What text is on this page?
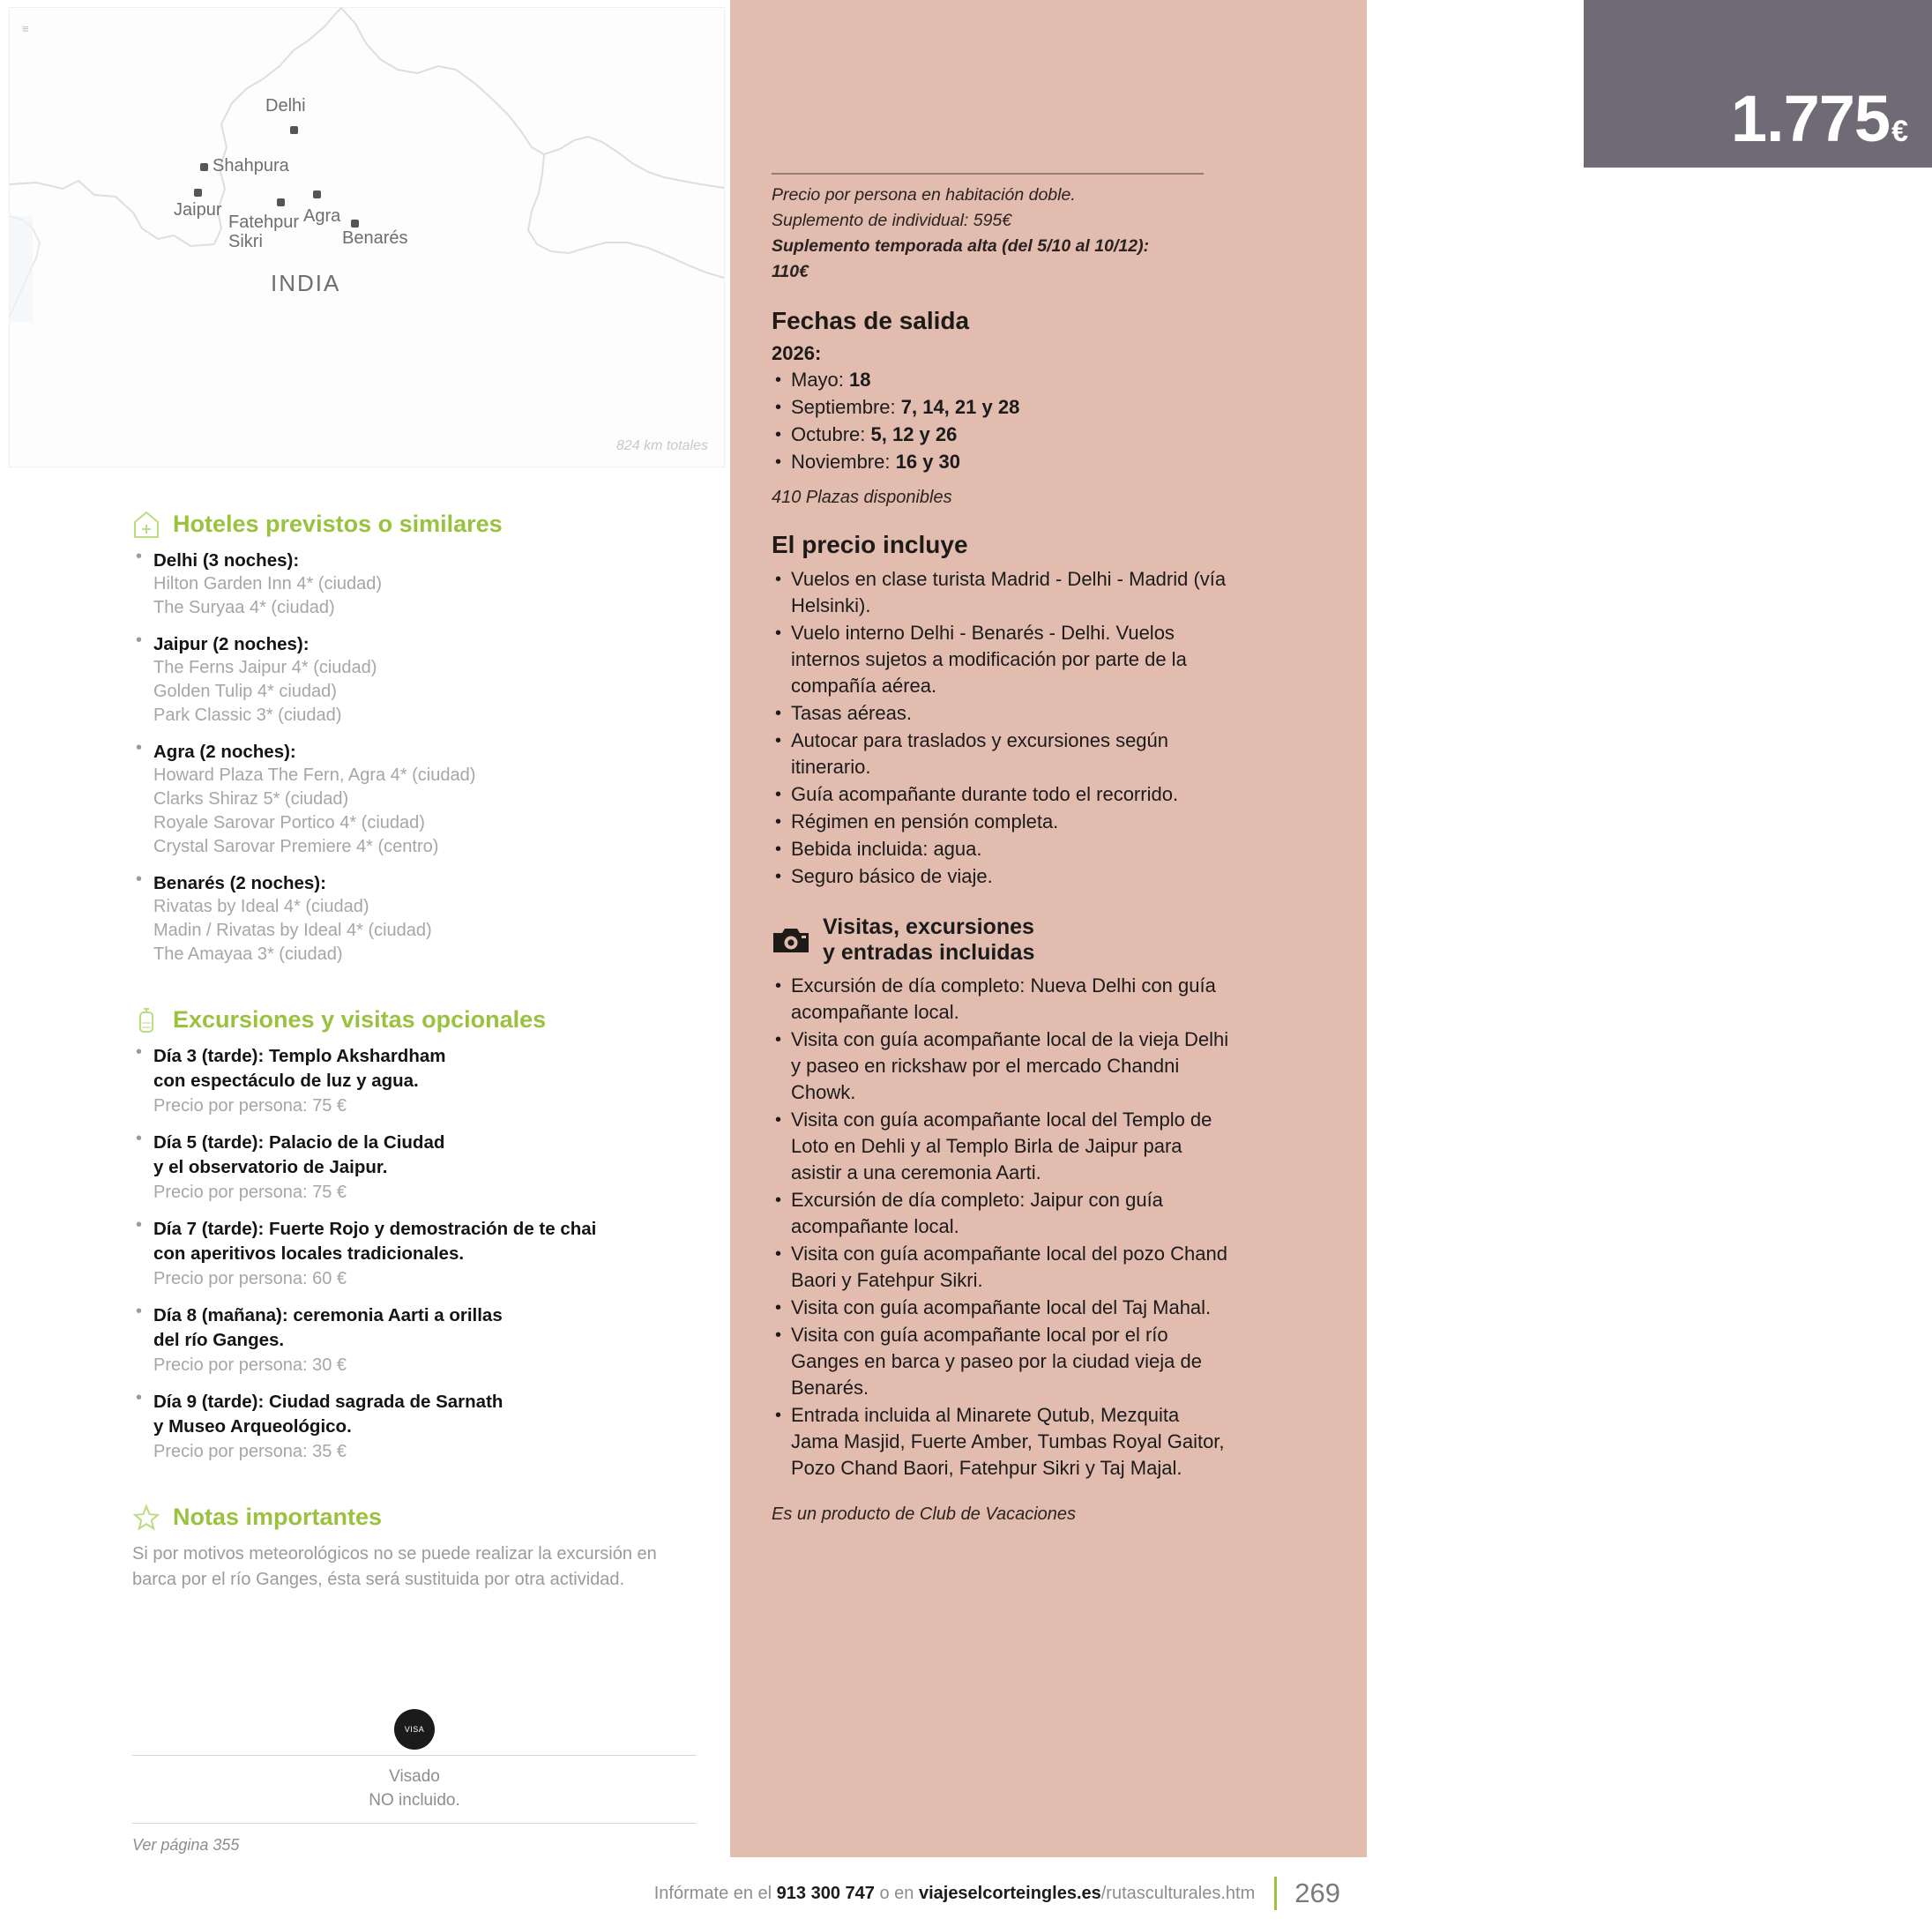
≡
Delhi
Shahpura
Jaipur
Fatehpur
Sikri
Agra
Benarés
INDIA
824 km totales
Hoteles previstos o similares
• Delhi (3 noches):
Hilton Garden Inn 4* (ciudad)
The Suryaa 4* (ciudad)
• Jaipur (2 noches):
The Ferns Jaipur 4* (ciudad)
Golden Tulip 4* ciudad)
Park Classic 3* (ciudad)
• Agra (2 noches):
Howard Plaza The Fern, Agra 4* (ciudad)
Clarks Shiraz 5* (ciudad)
Royale Sarovar Portico 4* (ciudad)
Crystal Sarovar Premiere 4* (centro)
• Benarés (2 noches):
Rivatas by Ideal 4* (ciudad)
Madin / Rivatas by Ideal 4* (ciudad)
The Amayaa 3* (ciudad)
Excursiones y visitas opcionales
• Día 3 (tarde): Templo Akshardham
con espectáculo de luz y agua.
Precio por persona: 75 €
• Día 5 (tarde): Palacio de la Ciudad
y el observatorio de Jaipur.
Precio por persona: 75 €
• Día 7 (tarde): Fuerte Rojo y demostración de te chai
con aperitivos locales tradicionales.
Precio por persona: 60 €
• Día 8 (mañana): ceremonia Aarti a orillas
del río Ganges.
Precio por persona: 30 €
• Día 9 (tarde): Ciudad sagrada de Sarnath
y Museo Arqueológico.
Precio por persona: 35 €
Notas importantes

Si por motivos meteorológicos no se puede realizar la excursión en barca por el río Ganges, ésta será sustituida por otra actividad.

VISA
Visado
NO incluido.
Ver página 355
1.775€

Precio por persona en habitación doble.

Suplemento de individual: 595€

Suplemento temporada alta (del 5/10 al 10/12):

110€

Fechas de salida
2026:
• Mayo: 18
• Septiembre: 7, 14, 21 y 28
• Octubre: 5, 12 y 26
• Noviembre: 16 y 30

410 Plazas disponibles

El precio incluye
• Vuelos en clase turista Madrid - Delhi - Madrid (vía Helsinki).
• Vuelo interno Delhi - Benarés - Delhi. Vuelos internos sujetos a modificación por parte de la compañía aérea.
• Tasas aéreas.
• Autocar para traslados y excursiones según itinerario.
• Guía acompañante durante todo el recorrido.
• Régimen en pensión completa.
• Bebida incluida: agua.
• Seguro básico de viaje.
Visitas, excursiones
y entradas incluidas
• Excursión de día completo: Nueva Delhi con guía acompañante local.
• Visita con guía acompañante local de la vieja Delhi y paseo en rickshaw por el mercado Chandni Chowk.
• Visita con guía acompañante local del Templo de Loto en Dehli y al Templo Birla de Jaipur para asistir a una ceremonia Aarti.
• Excursión de día completo: Jaipur con guía acompañante local.
• Visita con guía acompañante local del pozo Chand Baori y Fatehpur Sikri.
• Visita con guía acompañante local del Taj Mahal.
• Visita con guía acompañante local por el río Ganges en barca y paseo por la ciudad vieja de Benarés.
• Entrada incluida al Minarete Qutub, Mezquita Jama Masjid, Fuerte Amber, Tumbas Royal Gaitor, Pozo Chand Baori, Fatehpur Sikri y Taj Majal.

Es un producto de Club de Vacaciones

Infórmate en el 913 300 747 o en viajeselcorteingles.es/rutasculturales.htm 269
